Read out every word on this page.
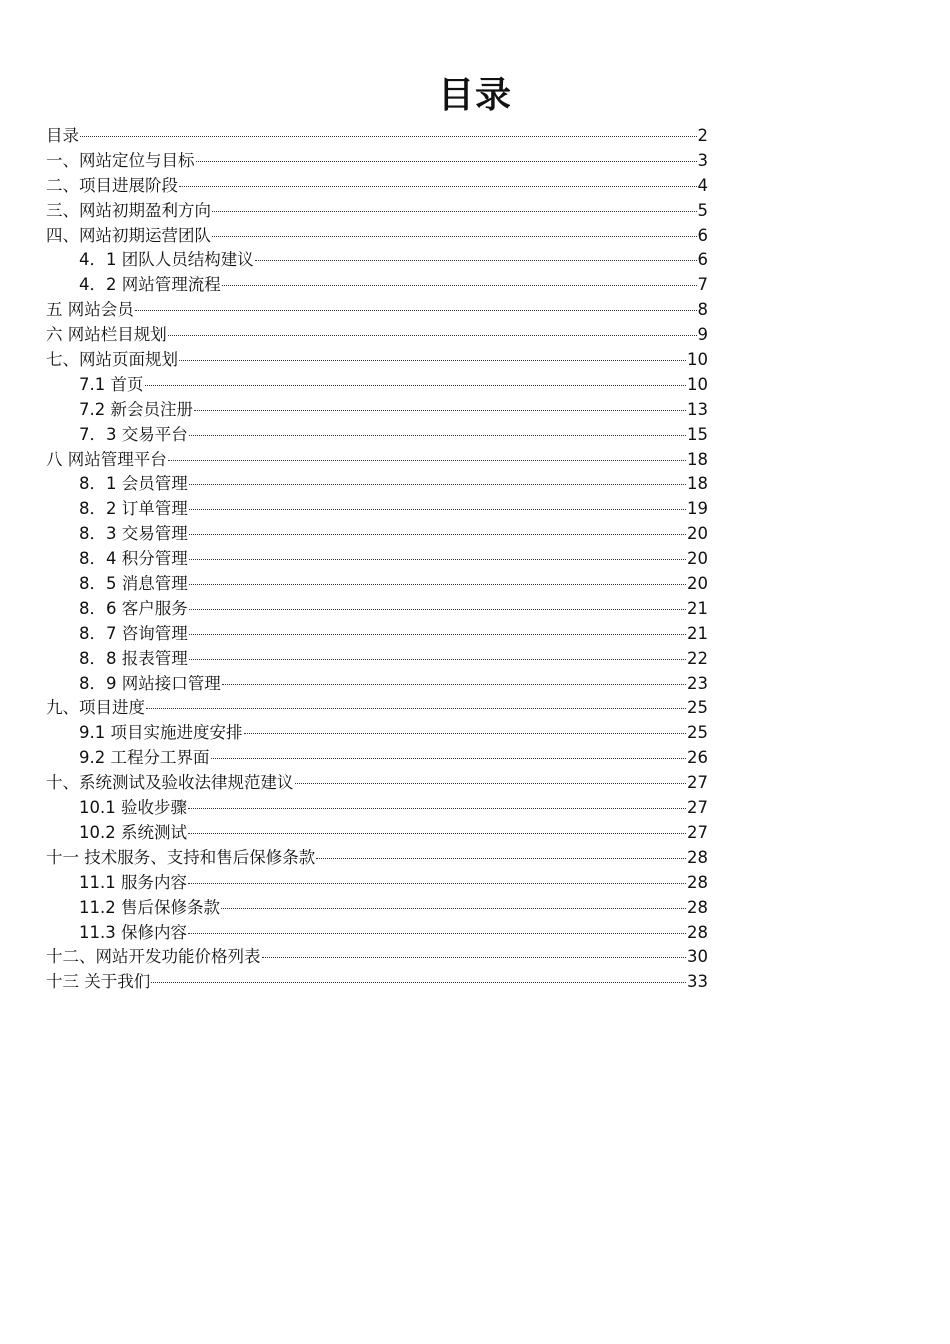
目录
目录	2
一、网站定位与目标	3
二、项目进展阶段	4
三、网站初期盈利方向	5
四、网站初期运营团队	6
4．1 团队人员结构建议	6
4．2 网站管理流程	7
五 网站会员	8
六 网站栏目规划	9
七、网站页面规划	10
7.1 首页	10
7.2 新会员注册	13
7．3 交易平台	15
八 网站管理平台	18
8．1 会员管理	18
8．2 订单管理	19
8．3 交易管理	20
8．4 积分管理	20
8．5 消息管理	20
8．6 客户服务	21
8．7 咨询管理	21
8．8 报表管理	22
8．9 网站接口管理	23
九、项目进度	25
9.1 项目实施进度安排	25
9.2 工程分工界面	26
十、系统测试及验收法律规范建议	27
10.1 验收步骤	27
10.2 系统测试	27
十一 技术服务、支持和售后保修条款	28
11.1 服务内容	28
11.2 售后保修条款	28
11.3 保修内容	28
十二、网站开发功能价格列表	30
十三 关于我们	33
